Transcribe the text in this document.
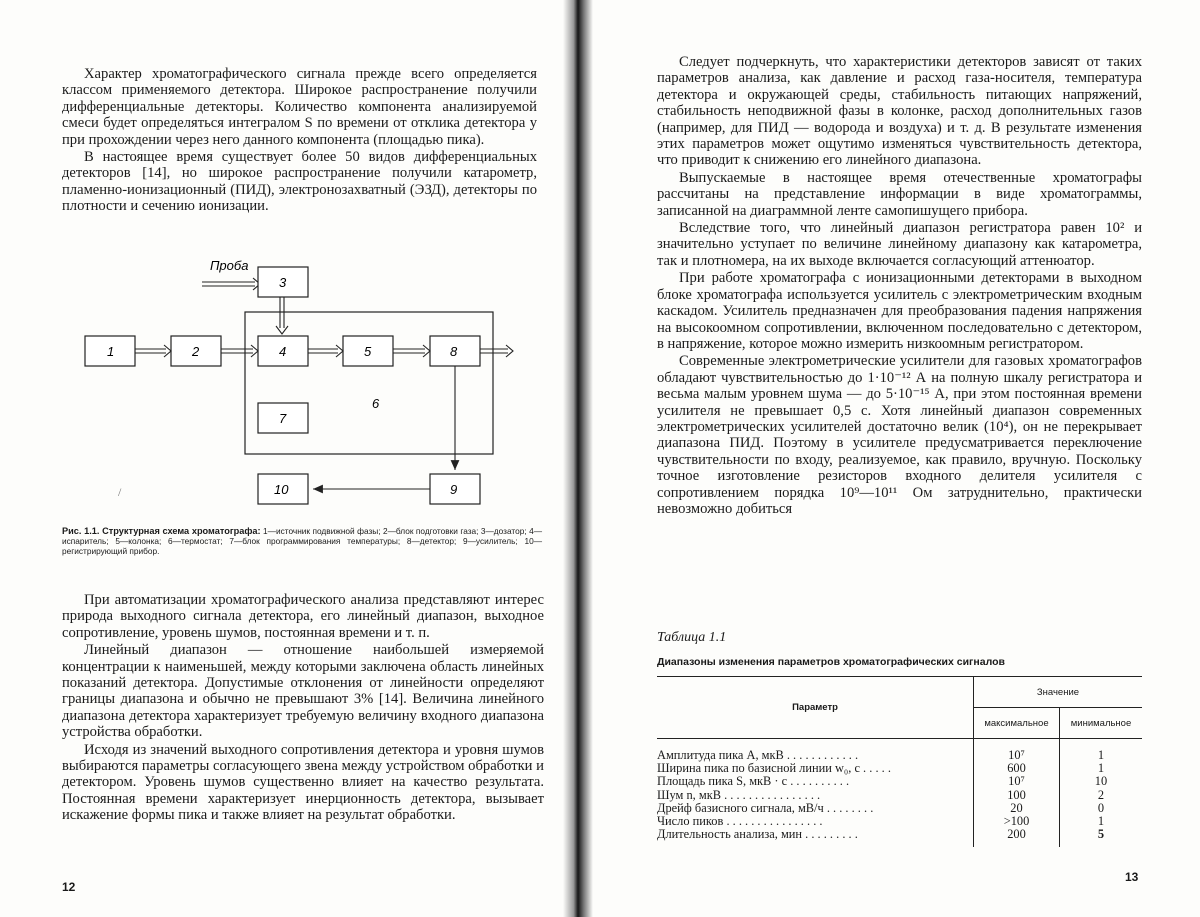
Характер хроматографического сигнала прежде всего определяется классом применяемого детектора. Широкое распространение получили дифференциальные детекторы. Количество компонента анализируемой смеси будет определяться интегралом S по времени от отклика детектора y при прохождении через него данного компонента (площадью пика).

В настоящее время существует более 50 видов дифференциальных детекторов [14], но широкое распространение получили катарометр, пламенно-ионизационный (ПИД), электронозахватный (ЭЗД), детекторы по плотности и сечению ионизации.

6
Проба
3
1	2	4	5	8
7
9
10
/
Рис. 1.1. Структурная схема хроматографа: 1—источник подвижной фазы; 2—блок подготовки газа; 3—дозатор; 4—испаритель; 5—колонка; 6—термостат; 7—блок программирования температуры; 8—детектор; 9—усилитель; 10—регистрирующий прибор.

При автоматизации хроматографического анализа представляют интерес природа выходного сигнала детектора, его линейный диапазон, выходное сопротивление, уровень шумов, постоянная времени и т. п.

Линейный диапазон — отношение наибольшей измеряемой концентрации к наименьшей, между которыми заключена область линейных показаний детектора. Допустимые отклонения от линейности определяют границы диапазона и обычно не превышают 3% [14]. Величина линейного диапазона детектора характеризует требуемую величину входного диапазона устройства обработки.

Исходя из значений выходного сопротивления детектора и уровня шумов выбираются параметры согласующего звена между устройством обработки и детектором. Уровень шумов существенно влияет на качество результата. Постоянная времени характеризует инерционность детектора, вызывает искажение формы пика и также влияет на результат обработки.

12

Следует подчеркнуть, что характеристики детекторов зависят от таких параметров анализа, как давление и расход газа-носителя, температура детектора и окружающей среды, стабильность питающих напряжений, стабильность неподвижной фазы в колонке, расход дополнительных газов (например, для ПИД — водорода и воздуха) и т. д. В результате изменения этих параметров может ощутимо изменяться чувствительность детектора, что приводит к снижению его линейного диапазона.

Выпускаемые в настоящее время отечественные хроматографы рассчитаны на представление информации в виде хроматограммы, записанной на диаграммной ленте самопишущего прибора.

Вследствие того, что линейный диапазон регистратора равен 10² и значительно уступает по величине линейному диапазону как катарометра, так и плотномера, на их выходе включается согласующий аттенюатор.

При работе хроматографа с ионизационными детекторами в выходном блоке хроматографа используется усилитель с электрометрическим входным каскадом. Усилитель предназначен для преобразования падения напряжения на высокоомном сопротивлении, включенном последовательно с детектором, в напряжение, которое можно измерить низкоомным регистратором.

Современные электрометрические усилители для газовых хроматографов обладают чувствительностью до 1·10⁻¹² А на полную шкалу регистратора и весьма малым уровнем шума — до 5·10⁻¹⁵ А, при этом постоянная времени усилителя не превышает 0,5 с. Хотя линейный диапазон современных электрометрических усилителей достаточно велик (10⁴), он не перекрывает диапазона ПИД. Поэтому в усилителе предусматривается переключение чувствительности по входу, реализуемое, как правило, вручную. Поскольку точное изготовление резисторов входного делителя усилителя с сопротивлением порядка 10⁹—10¹¹ Ом затруднительно, практически невозможно добиться

Таблица 1.1
Диапазоны изменения параметров хроматографических сигналов
Параметр	Значение	
	максимальное	минимальное

Амплитуда пика A, мкВ . . . . . . . . . . . .	10⁷	1
Ширина пика по базисной линии w₀, с . . . . .	600	1
Площадь пика S, мкВ · с . . . . . . . . . .	10⁷	10
Шум n, мкВ . . . . . . . . . . . . . . . .	100	2
Дрейф базисного сигнала, мВ/ч . . . . . . . .	20	0
Число пиков . . . . . . . . . . . . . . . .	>100	1
Длительность анализа, мин . . . . . . . . .	200	5
13
